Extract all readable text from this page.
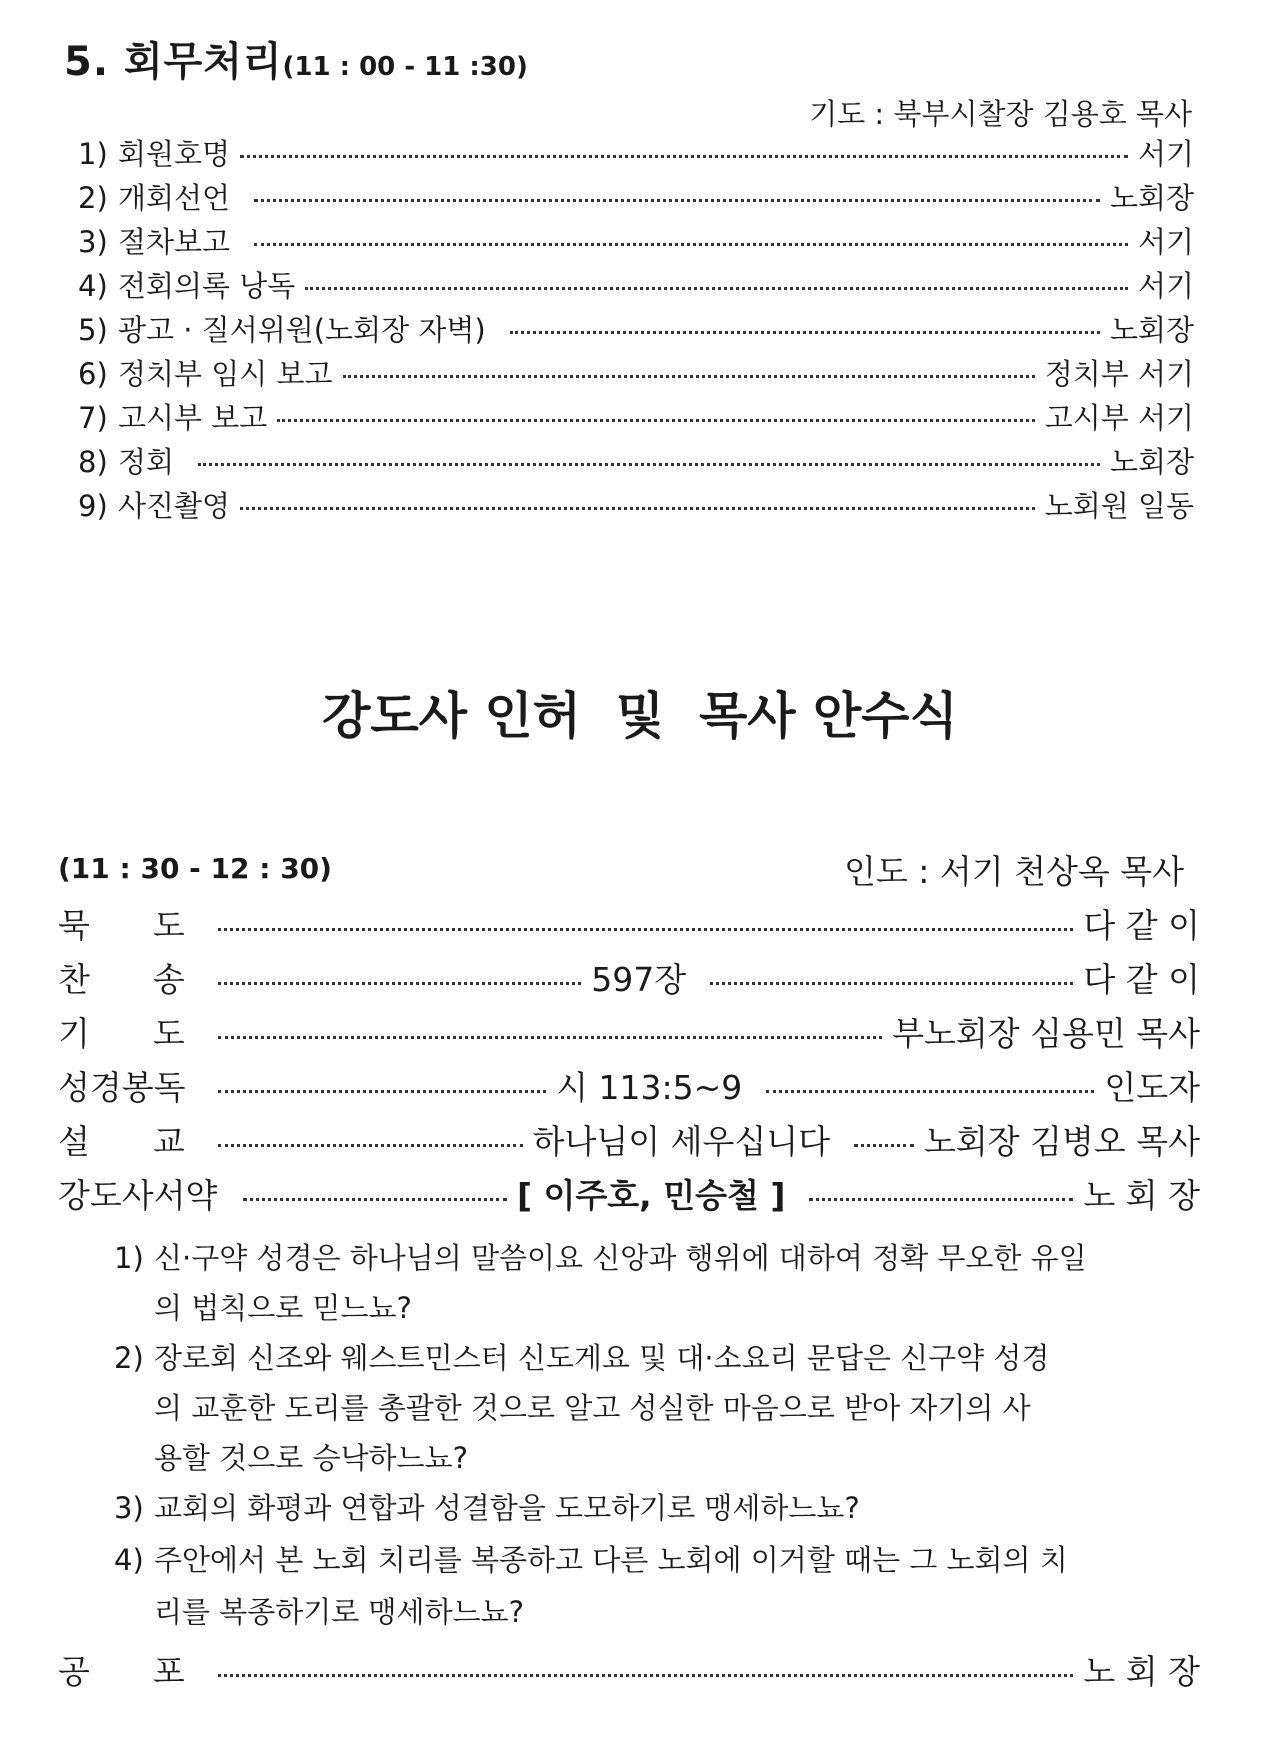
5. 회무처리(11 : 00 - 11 :30)
기도 : 북부시찰장 김용호 목사
1) 회원호명	서기
2) 개회선언	노회장
3) 절차보고	서기
4) 전회의록 낭독	서기
5) 광고 · 질서위원(노회장 자벽)	노회장
6) 정치부 임시 보고	정치부 서기
7) 고시부 보고	고시부 서기
8) 정회	노회장
9) 사진촬영	노회원 일동
강도사 인허  및  목사 안수식
(11 : 30 - 12 : 30)	인도 : 서기 천상옥 목사
묵      도	다 같 이
찬      송	597장	다 같 이
기      도	부노회장 심용민 목사
성경봉독	시 113:5~9	인도자
설      교	하나님이 세우십니다	노회장 김병오 목사
강도사서약	[ 이주호, 민승철 ]	노 회 장
1) 신·구약 성경은 하나님의 말씀이요 신앙과 행위에 대하여 정확 무오한 유일
의 법칙으로 믿느뇨?
2) 장로회 신조와 웨스트민스터 신도게요 및 대·소요리 문답은 신구약 성경
의 교훈한 도리를 총괄한 것으로 알고 성실한 마음으로 받아 자기의 사
용할 것으로 승낙하느뇨?
3) 교회의 화평과 연합과 성결함을 도모하기로 맹세하느뇨?
4) 주안에서 본 노회 치리를 복종하고 다른 노회에 이거할 때는 그 노회의 치
리를 복종하기로 맹세하느뇨?
공      포	노 회 장
